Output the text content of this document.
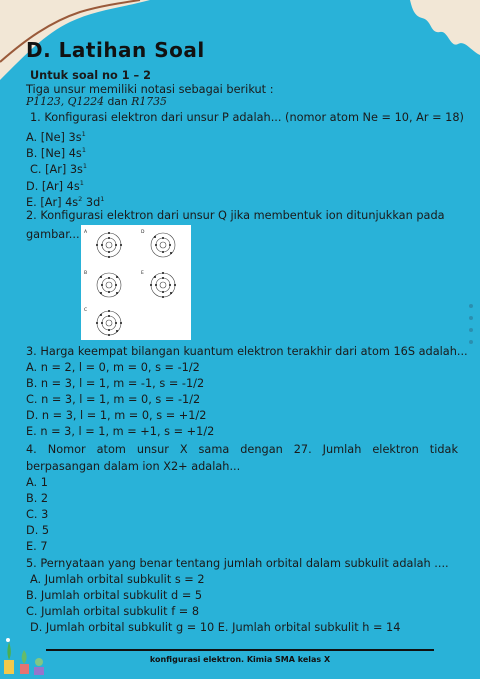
D. Latihan Soal
Untuk soal no 1 – 2
Tiga unsur memiliki notasi sebagai berikut :
P1123, Q1224 dan R1735
1. Konfigurasi elektron dari unsur P adalah... (nomor atom Ne = 10, Ar = 18)
A. [Ne] $3s^1$
B. [Ne] $4s^1$
C. [Ar] $3s^1$
D. [Ar] $4s^1$
E. [Ar] $4s^2$ $3d^1$
2. Konfigurasi elektron dari unsur Q jika membentuk ion ditunjukkan pada
gambar... A	D
B	E
C
3. Harga keempat bilangan kuantum elektron terakhir dari atom 16S adalah...
A. n = 2, l = 0, m = 0, s = -1/2
B. n = 3, l = 1, m = -1, s = -1/2
C. n = 3, l = 1, m = 0, s = -1/2
D. n = 3, l = 1, m = 0, s = +1/2
E. n = 3, l = 1, m = +1, s = +1/2
4. Nomor atom unsur X sama dengan 27. Jumlah elektron tidak berpasangan dalam ion X2+ adalah...
A. 1
B. 2
C. 3
D. 5
E. 7
5. Pernyataan yang benar tentang jumlah orbital dalam subkulit adalah ....
A. Jumlah orbital subkulit s = 2
B. Jumlah orbital subkulit d = 5
C. Jumlah orbital subkulit f = 8
D. Jumlah orbital subkulit g = 10 E. Jumlah orbital subkulit h = 14
konfigurasi elektron. Kimia SMA kelas X
